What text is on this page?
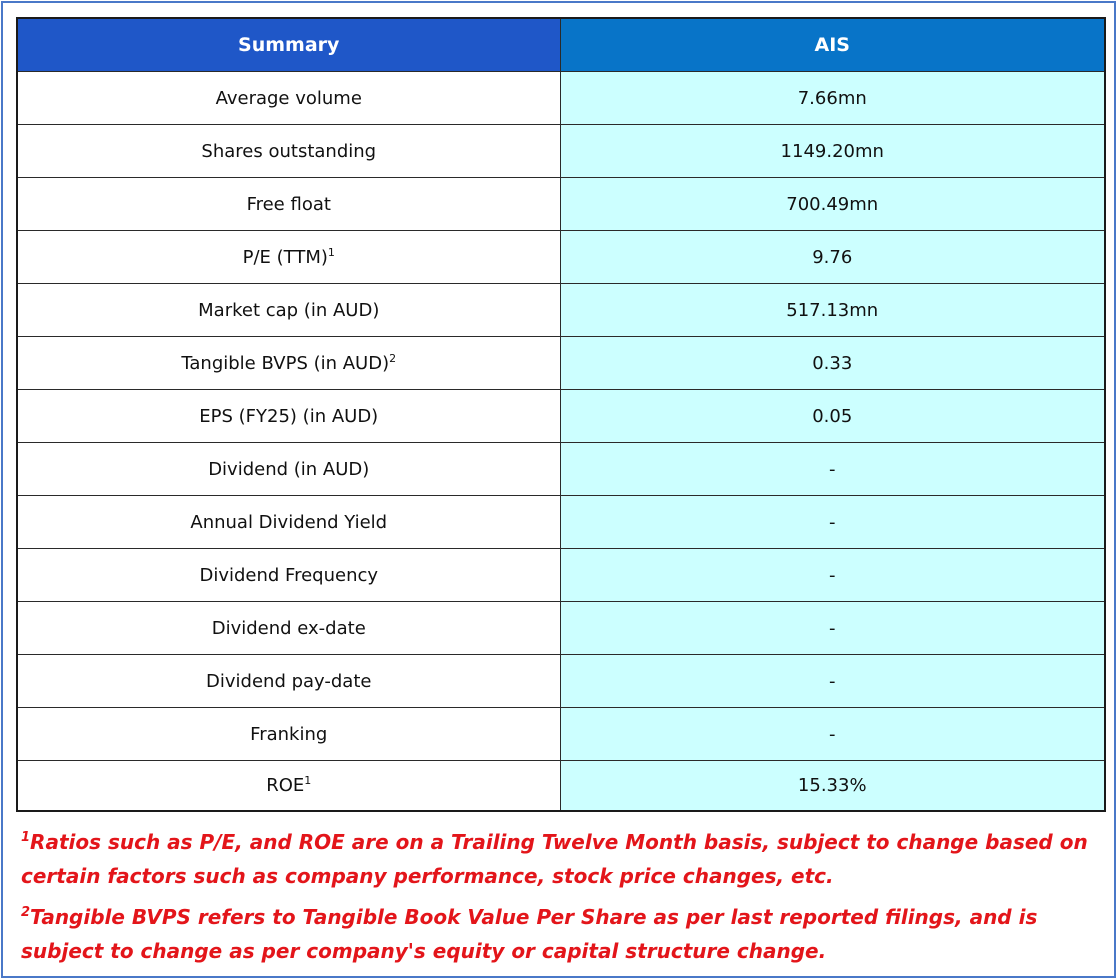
Summary	AIS
Average volume	7.66mn
Shares outstanding	1149.20mn
Free float	700.49mn
P/E (TTM)$^1$	9.76
Market cap (in AUD)	517.13mn
Tangible BVPS (in AUD)$^2$	0.33
EPS (FY25) (in AUD)	0.05
Dividend (in AUD)	-
Annual Dividend Yield	-
Dividend Frequency	-
Dividend ex-date	-
Dividend pay-date	-
Franking	-
ROE$^1$	15.33%
$^1$Ratios such as P/E, and ROE are on a Trailing Twelve Month basis, subject to change based on certain factors such as company performance, stock price changes, etc.
$^2$Tangible BVPS refers to Tangible Book Value Per Share as per last reported filings, and is subject to change as per company's equity or capital structure change.
